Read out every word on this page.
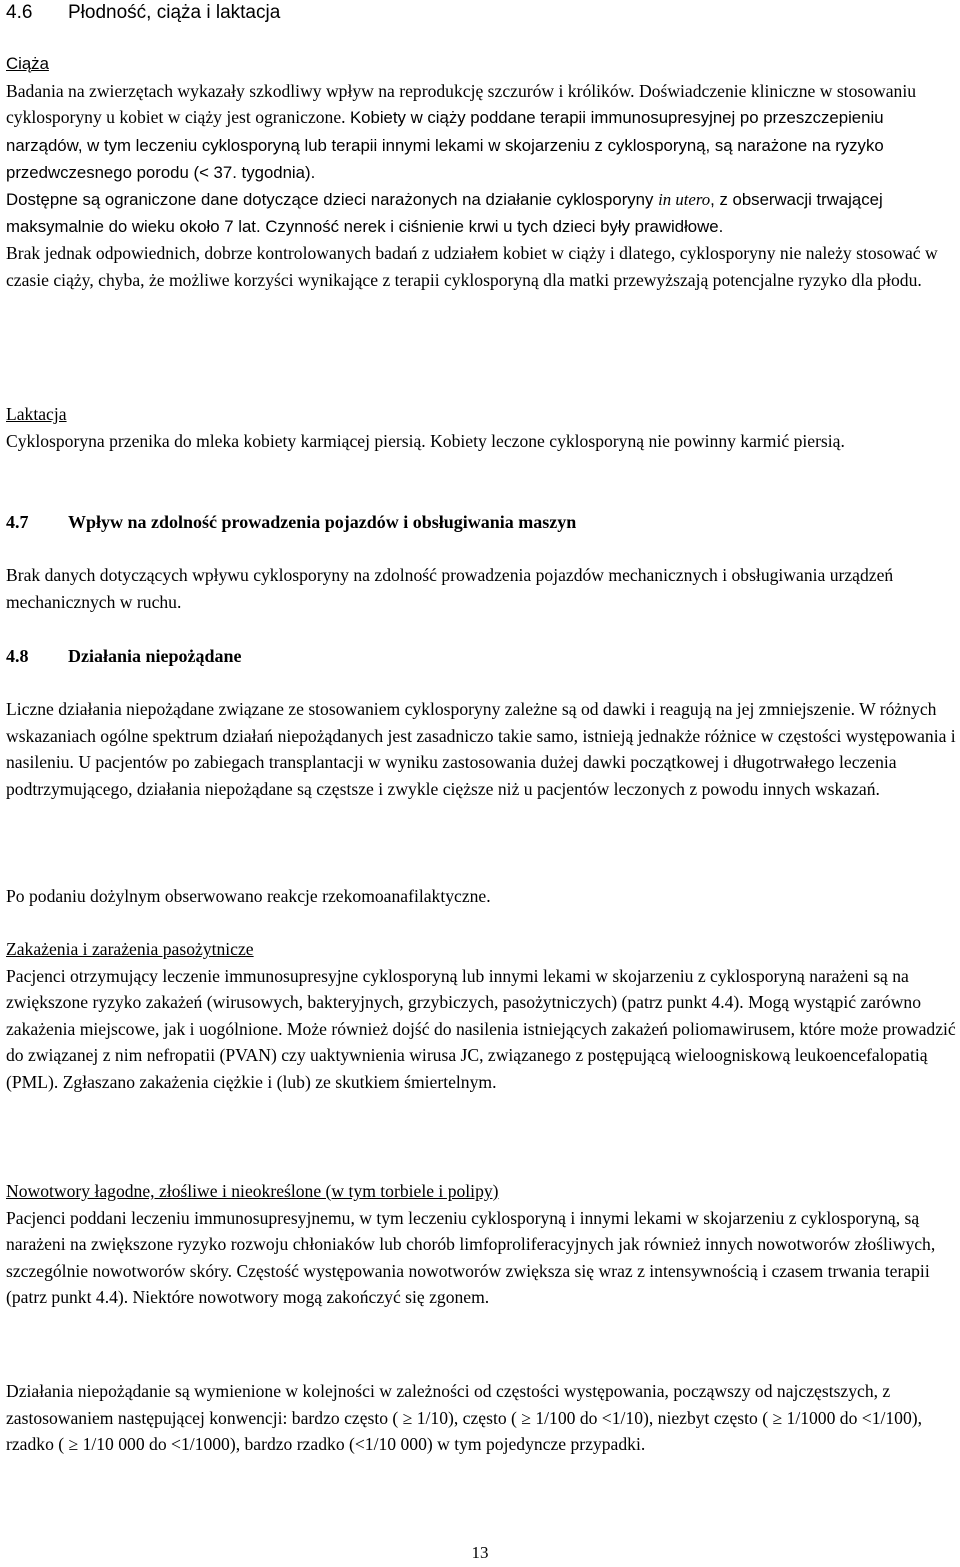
4.6 Płodność, ciąża i laktacja
Ciąża

Badania na zwierzętach wykazały szkodliwy wpływ na reprodukcję szczurów i królików. Doświadczenie kliniczne w stosowaniu cyklosporyny u kobiet w ciąży jest ograniczone. Kobiety w ciąży poddane terapii immunosupresyjnej po przeszczepieniu narządów, w tym leczeniu cyklosporyną lub terapii innymi lekami w skojarzeniu z cyklosporyną, są narażone na ryzyko przedwczesnego porodu (< 37. tygodnia).

Dostępne są ograniczone dane dotyczące dzieci narażonych na działanie cyklosporyny in utero, z obserwacji trwającej maksymalnie do wieku około 7 lat. Czynność nerek i ciśnienie krwi u tych dzieci były prawidłowe.

Brak jednak odpowiednich, dobrze kontrolowanych badań z udziałem kobiet w ciąży i dlatego, cyklosporyny nie należy stosować w czasie ciąży, chyba, że możliwe korzyści wynikające z terapii cyklosporyną dla matki przewyższają potencjalne ryzyko dla płodu.

Laktacja

Cyklosporyna przenika do mleka kobiety karmiącej piersią. Kobiety leczone cyklosporyną nie powinny karmić piersią.

4.7 Wpływ na zdolność prowadzenia pojazdów i obsługiwania maszyn

Brak danych dotyczących wpływu cyklosporyny na zdolność prowadzenia pojazdów mechanicznych i obsługiwania urządzeń mechanicznych w ruchu.

4.8 Działania niepożądane

Liczne działania niepożądane związane ze stosowaniem cyklosporyny zależne są od dawki i reagują na jej zmniejszenie. W różnych wskazaniach ogólne spektrum działań niepożądanych jest zasadniczo takie samo, istnieją jednakże różnice w częstości występowania i nasileniu. U pacjentów po zabiegach transplantacji w wyniku zastosowania dużej dawki początkowej i długotrwałego leczenia podtrzymującego, działania niepożądane są częstsze i zwykle cięższe niż u pacjentów leczonych z powodu innych wskazań.

Po podaniu dożylnym obserwowano reakcje rzekomoanafilaktyczne.

Zakażenia i zarażenia pasożytnicze

Pacjenci otrzymujący leczenie immunosupresyjne cyklosporyną lub innymi lekami w skojarzeniu z cyklosporyną narażeni są na zwiększone ryzyko zakażeń (wirusowych, bakteryjnych, grzybiczych, pasożytniczych) (patrz punkt 4.4). Mogą wystąpić zarówno zakażenia miejscowe, jak i uogólnione. Może również dojść do nasilenia istniejących zakażeń poliomawirusem, które może prowadzić do związanej z nim nefropatii (PVAN) czy uaktywnienia wirusa JC, związanego z postępującą wieloogniskową leukoencefalopatią (PML). Zgłaszano zakażenia ciężkie i (lub) ze skutkiem śmiertelnym.

Nowotwory łagodne, złośliwe i nieokreślone (w tym torbiele i polipy)

Pacjenci poddani leczeniu immunosupresyjnemu, w tym leczeniu cyklosporyną i innymi lekami w skojarzeniu z cyklosporyną, są narażeni na zwiększone ryzyko rozwoju chłoniaków lub chorób limfoproliferacyjnych jak również innych nowotworów złośliwych, szczególnie nowotworów skóry. Częstość występowania nowotworów zwiększa się wraz z intensywnością i czasem trwania terapii (patrz punkt 4.4). Niektóre nowotwory mogą zakończyć się zgonem.

Działania niepożądanie są wymienione w kolejności w zależności od częstości występowania, począwszy od najczęstszych, z zastosowaniem następującej konwencji: bardzo często ( ≥ 1/10), często ( ≥ 1/100 do <1/10), niezbyt często ( ≥ 1/1000 do <1/100), rzadko ( ≥ 1/10 000 do <1/1000), bardzo rzadko (<1/10 000) w tym pojedyncze przypadki.

13
